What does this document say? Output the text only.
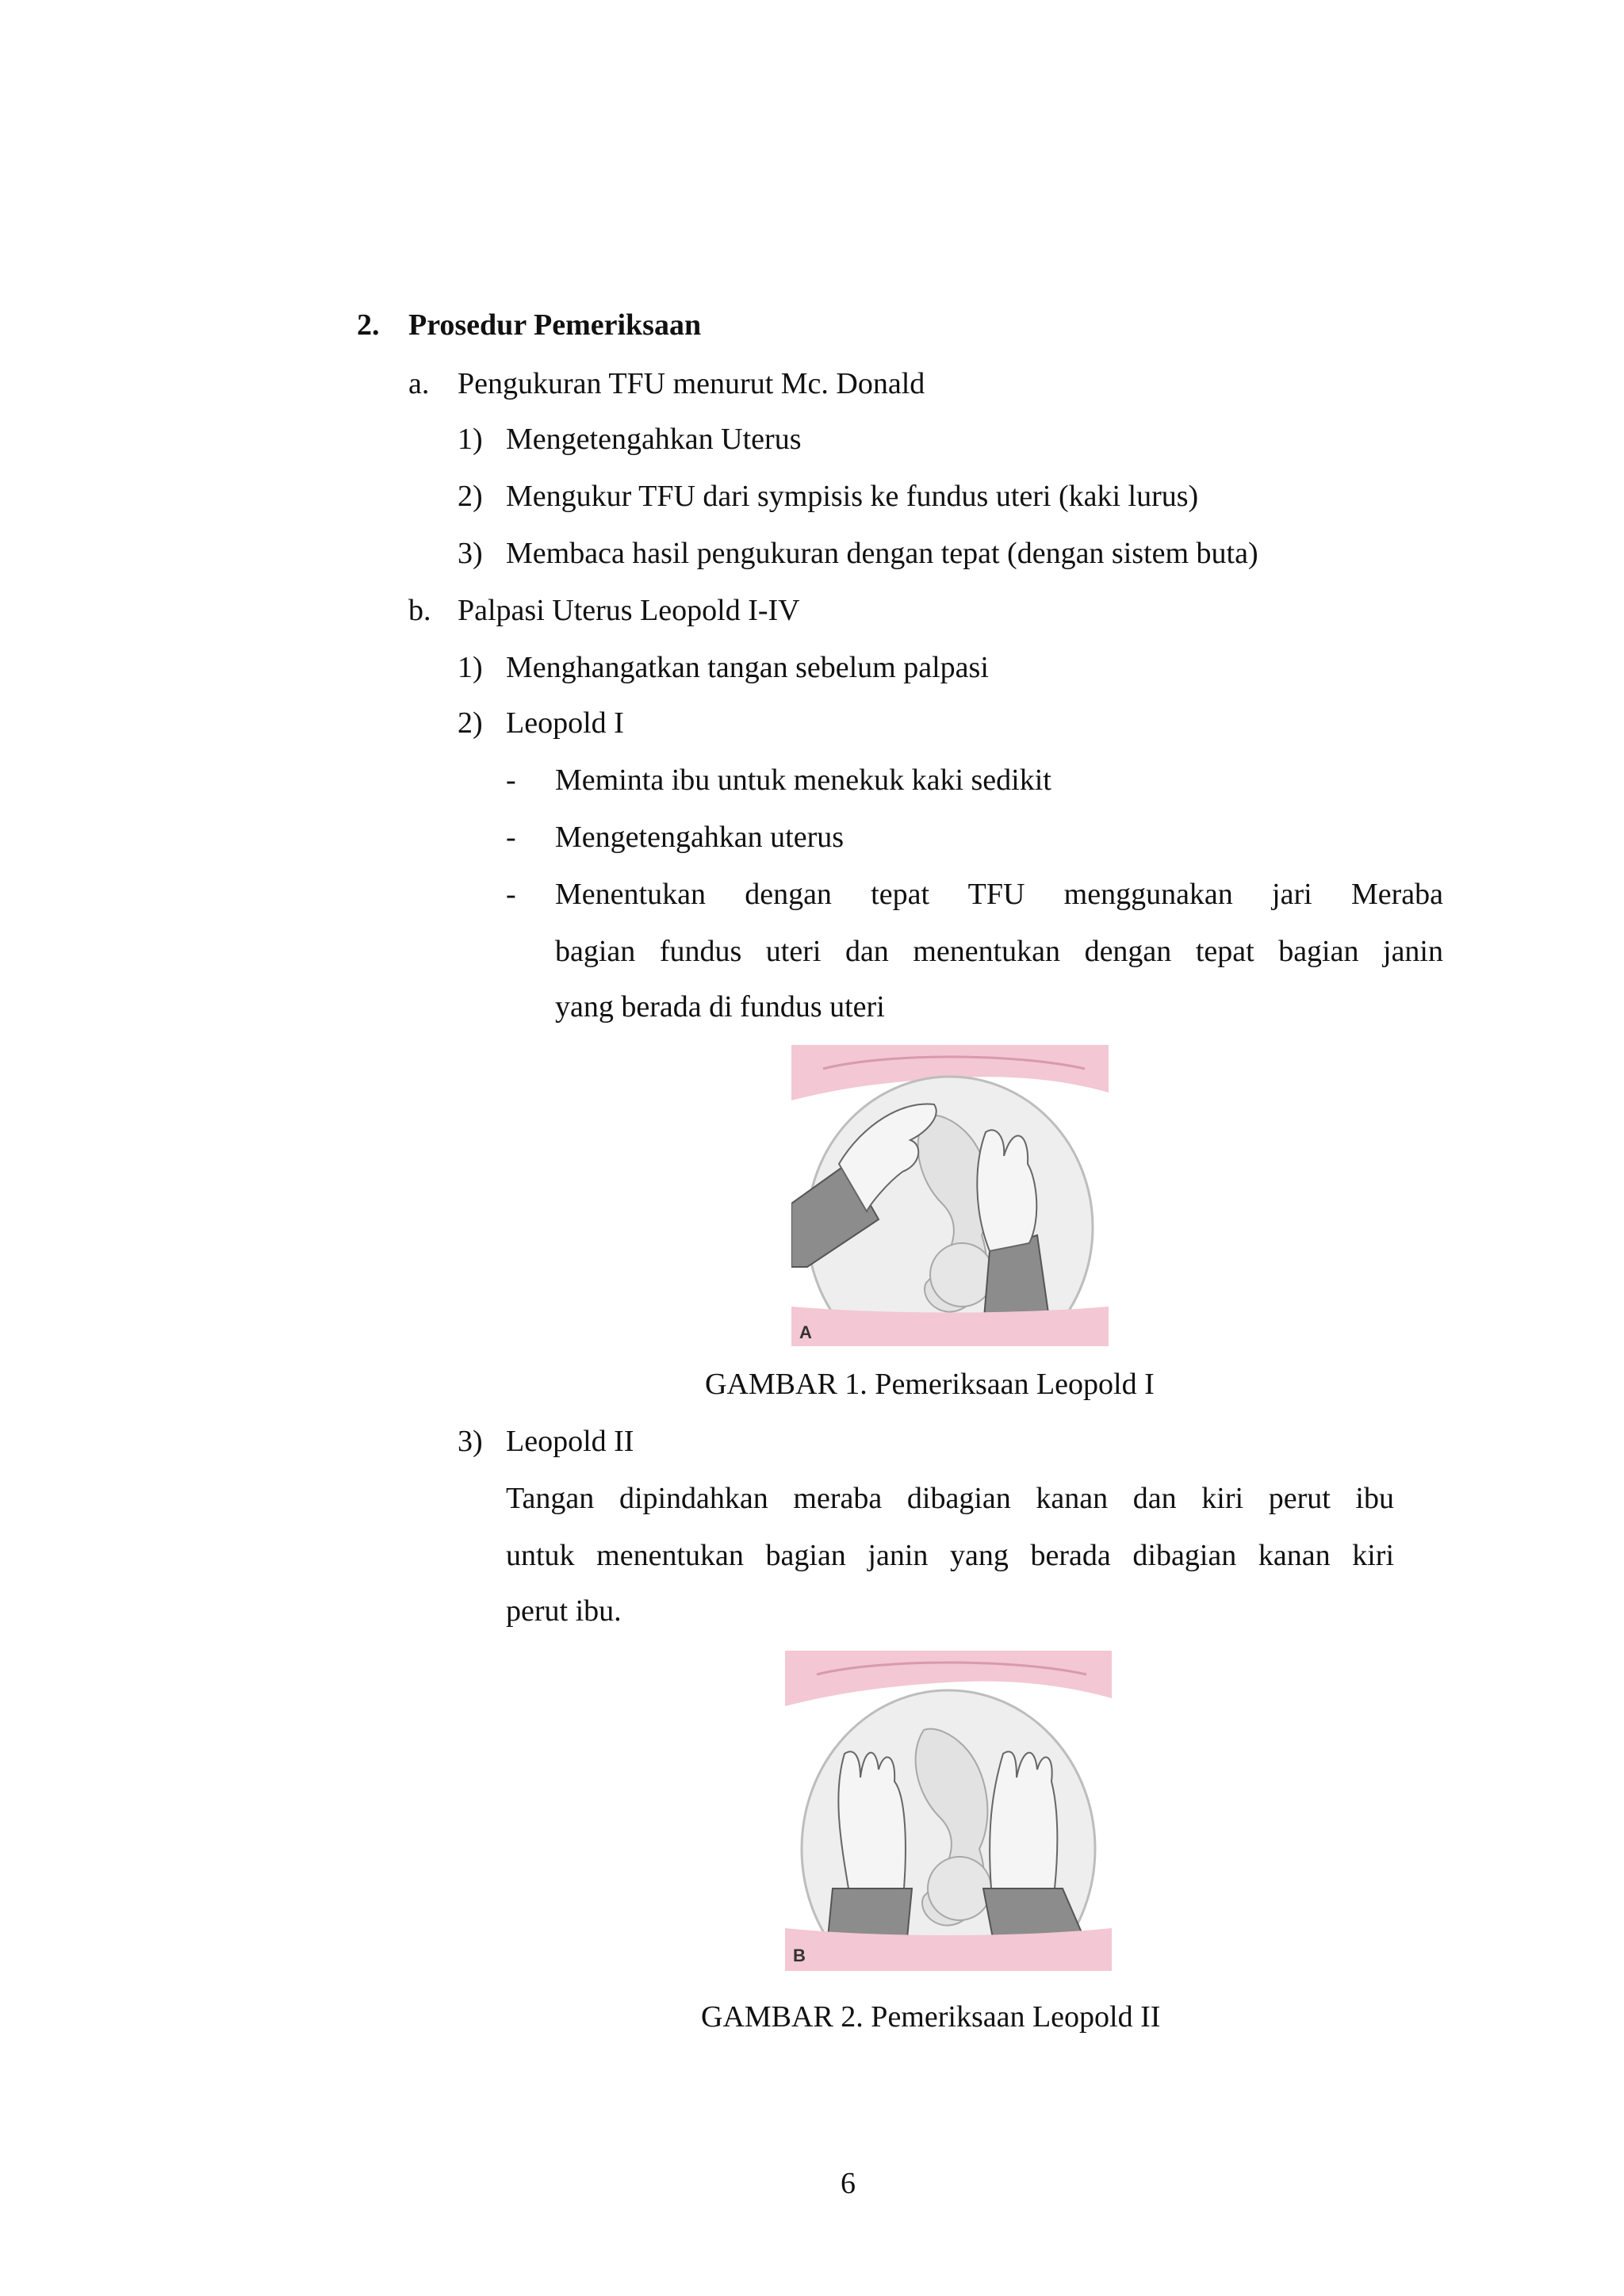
2. Prosedur Pemeriksaan
a. Pengukuran TFU menurut Mc. Donald
1) Mengetengahkan Uterus
2) Mengukur TFU dari sympisis ke fundus uteri (kaki lurus)
3) Membaca hasil pengukuran dengan tepat (dengan sistem buta)
b. Palpasi Uterus Leopold I-IV
1) Menghangatkan tangan sebelum palpasi
2) Leopold I
- Meminta ibu untuk menekuk kaki sedikit
- Mengetengahkan uterus
- Menentukan dengan tepat TFU menggunakan jari Meraba
bagian fundus uteri dan menentukan dengan tepat bagian janin
yang berada di fundus uteri
A
GAMBAR 1. Pemeriksaan Leopold I
3) Leopold II
Tangan dipindahkan meraba dibagian kanan dan kiri perut ibu
untuk menentukan bagian janin yang berada dibagian kanan kiri
perut ibu.
B
GAMBAR 2. Pemeriksaan Leopold II
6
